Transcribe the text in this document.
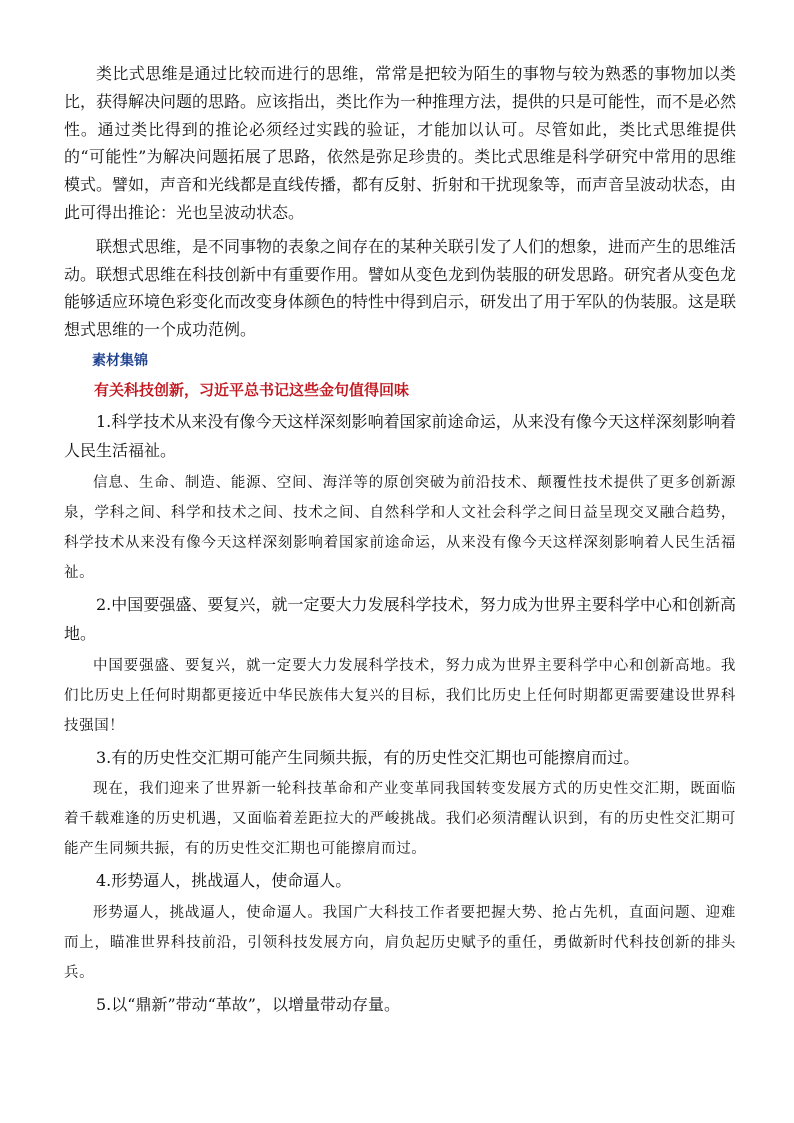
类比式思维是通过比较而进行的思维，常常是把较为陌生的事物与较为熟悉的事物加以类比，获得解决问题的思路。应该指出，类比作为一种推理方法，提供的只是可能性，而不是必然性。通过类比得到的推论必须经过实践的验证，才能加以认可。尽管如此，类比式思维提供的“可能性”为解决问题拓展了思路，依然是弥足珍贵的。类比式思维是科学研究中常用的思维模式。譬如，声音和光线都是直线传播，都有反射、折射和干扰现象等，而声音呈波动状态，由此可得出推论：光也呈波动状态。

联想式思维，是不同事物的表象之间存在的某种关联引发了人们的想象，进而产生的思维活动。联想式思维在科技创新中有重要作用。譬如从变色龙到伪装服的研发思路。研究者从变色龙能够适应环境色彩变化而改变身体颜色的特性中得到启示，研发出了用于军队的伪装服。这是联想式思维的一个成功范例。

素材集锦

有关科技创新，习近平总书记这些金句值得回味

1.科学技术从来没有像今天这样深刻影响着国家前途命运，从来没有像今天这样深刻影响着人民生活福祉。

信息、生命、制造、能源、空间、海洋等的原创突破为前沿技术、颠覆性技术提供了更多创新源泉，学科之间、科学和技术之间、技术之间、自然科学和人文社会科学之间日益呈现交叉融合趋势，科学技术从来没有像今天这样深刻影响着国家前途命运，从来没有像今天这样深刻影响着人民生活福祉。

2.中国要强盛、要复兴，就一定要大力发展科学技术，努力成为世界主要科学中心和创新高地。

中国要强盛、要复兴，就一定要大力发展科学技术，努力成为世界主要科学中心和创新高地。我们比历史上任何时期都更接近中华民族伟大复兴的目标，我们比历史上任何时期都更需要建设世界科技强国！

3.有的历史性交汇期可能产生同频共振，有的历史性交汇期也可能擦肩而过。

现在，我们迎来了世界新一轮科技革命和产业变革同我国转变发展方式的历史性交汇期，既面临着千载难逢的历史机遇，又面临着差距拉大的严峻挑战。我们必须清醒认识到，有的历史性交汇期可能产生同频共振，有的历史性交汇期也可能擦肩而过。

4.形势逼人，挑战逼人，使命逼人。

形势逼人，挑战逼人，使命逼人。我国广大科技工作者要把握大势、抢占先机，直面问题、迎难而上，瞄准世界科技前沿，引领科技发展方向，肩负起历史赋予的重任，勇做新时代科技创新的排头兵。

5.以“鼎新”带动“革故”，以增量带动存量。
